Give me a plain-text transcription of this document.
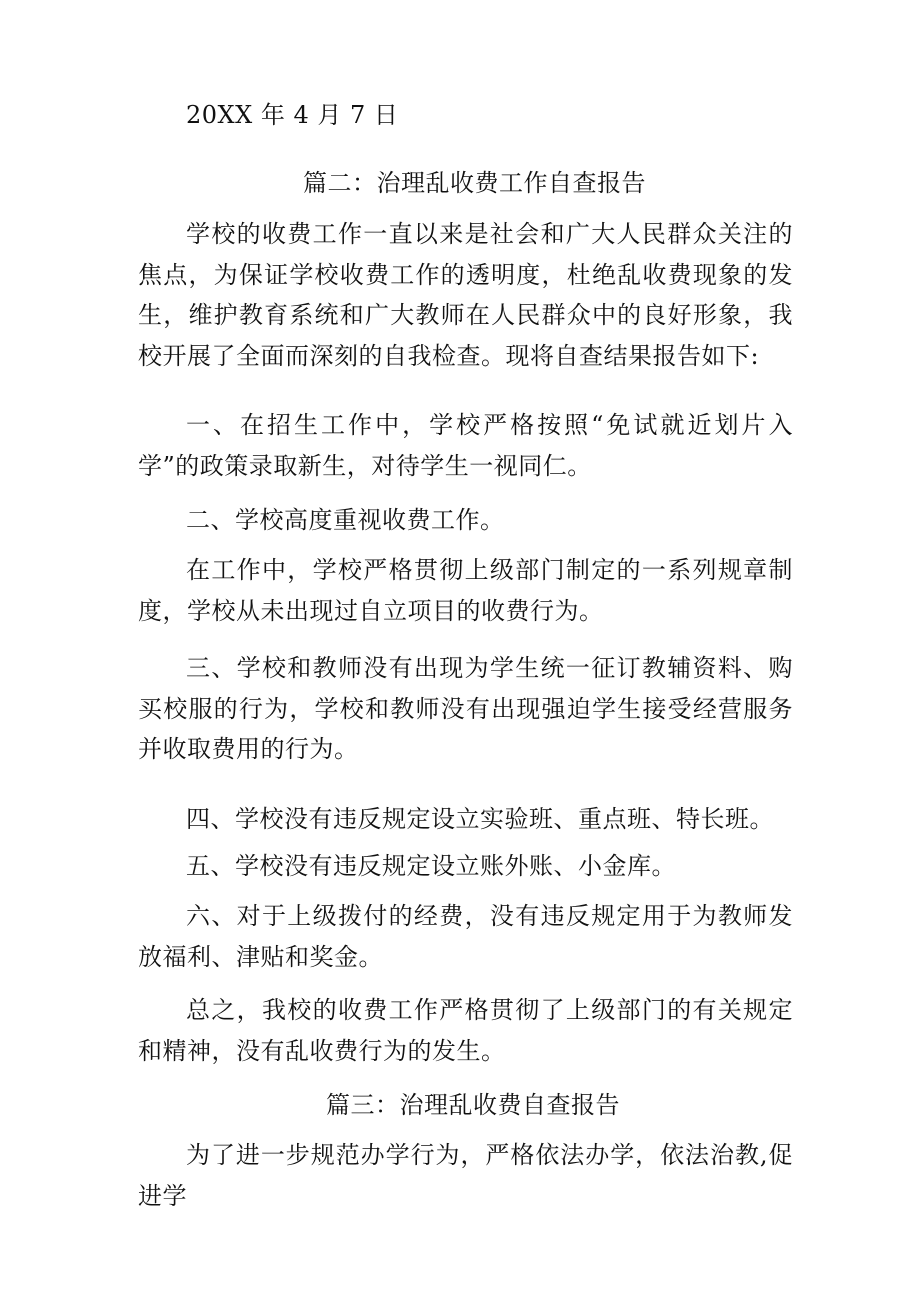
20XX 年 4 月 7 日
篇二：治理乱收费工作自查报告
学校的收费工作一直以来是社会和广大人民群众关注的焦点，为保证学校收费工作的透明度，杜绝乱收费现象的发生，维护教育系统和广大教师在人民群众中的良好形象，我校开展了全面而深刻的自我检查。现将自查结果报告如下:
一、在招生工作中，学校严格按照“免试就近划片入学”的政策录取新生，对待学生一视同仁。
二、学校高度重视收费工作。
在工作中，学校严格贯彻上级部门制定的一系列规章制度，学校从未出现过自立项目的收费行为。
三、学校和教师没有出现为学生统一征订教辅资料、购买校服的行为，学校和教师没有出现强迫学生接受经营服务并收取费用的行为。
四、学校没有违反规定设立实验班、重点班、特长班。
五、学校没有违反规定设立账外账、小金库。
六、对于上级拨付的经费，没有违反规定用于为教师发放福利、津贴和奖金。
总之，我校的收费工作严格贯彻了上级部门的有关规定和精神，没有乱收费行为的发生。
篇三：治理乱收费自查报告
为了进一步规范办学行为，严格依法办学，依法治教,促进学
